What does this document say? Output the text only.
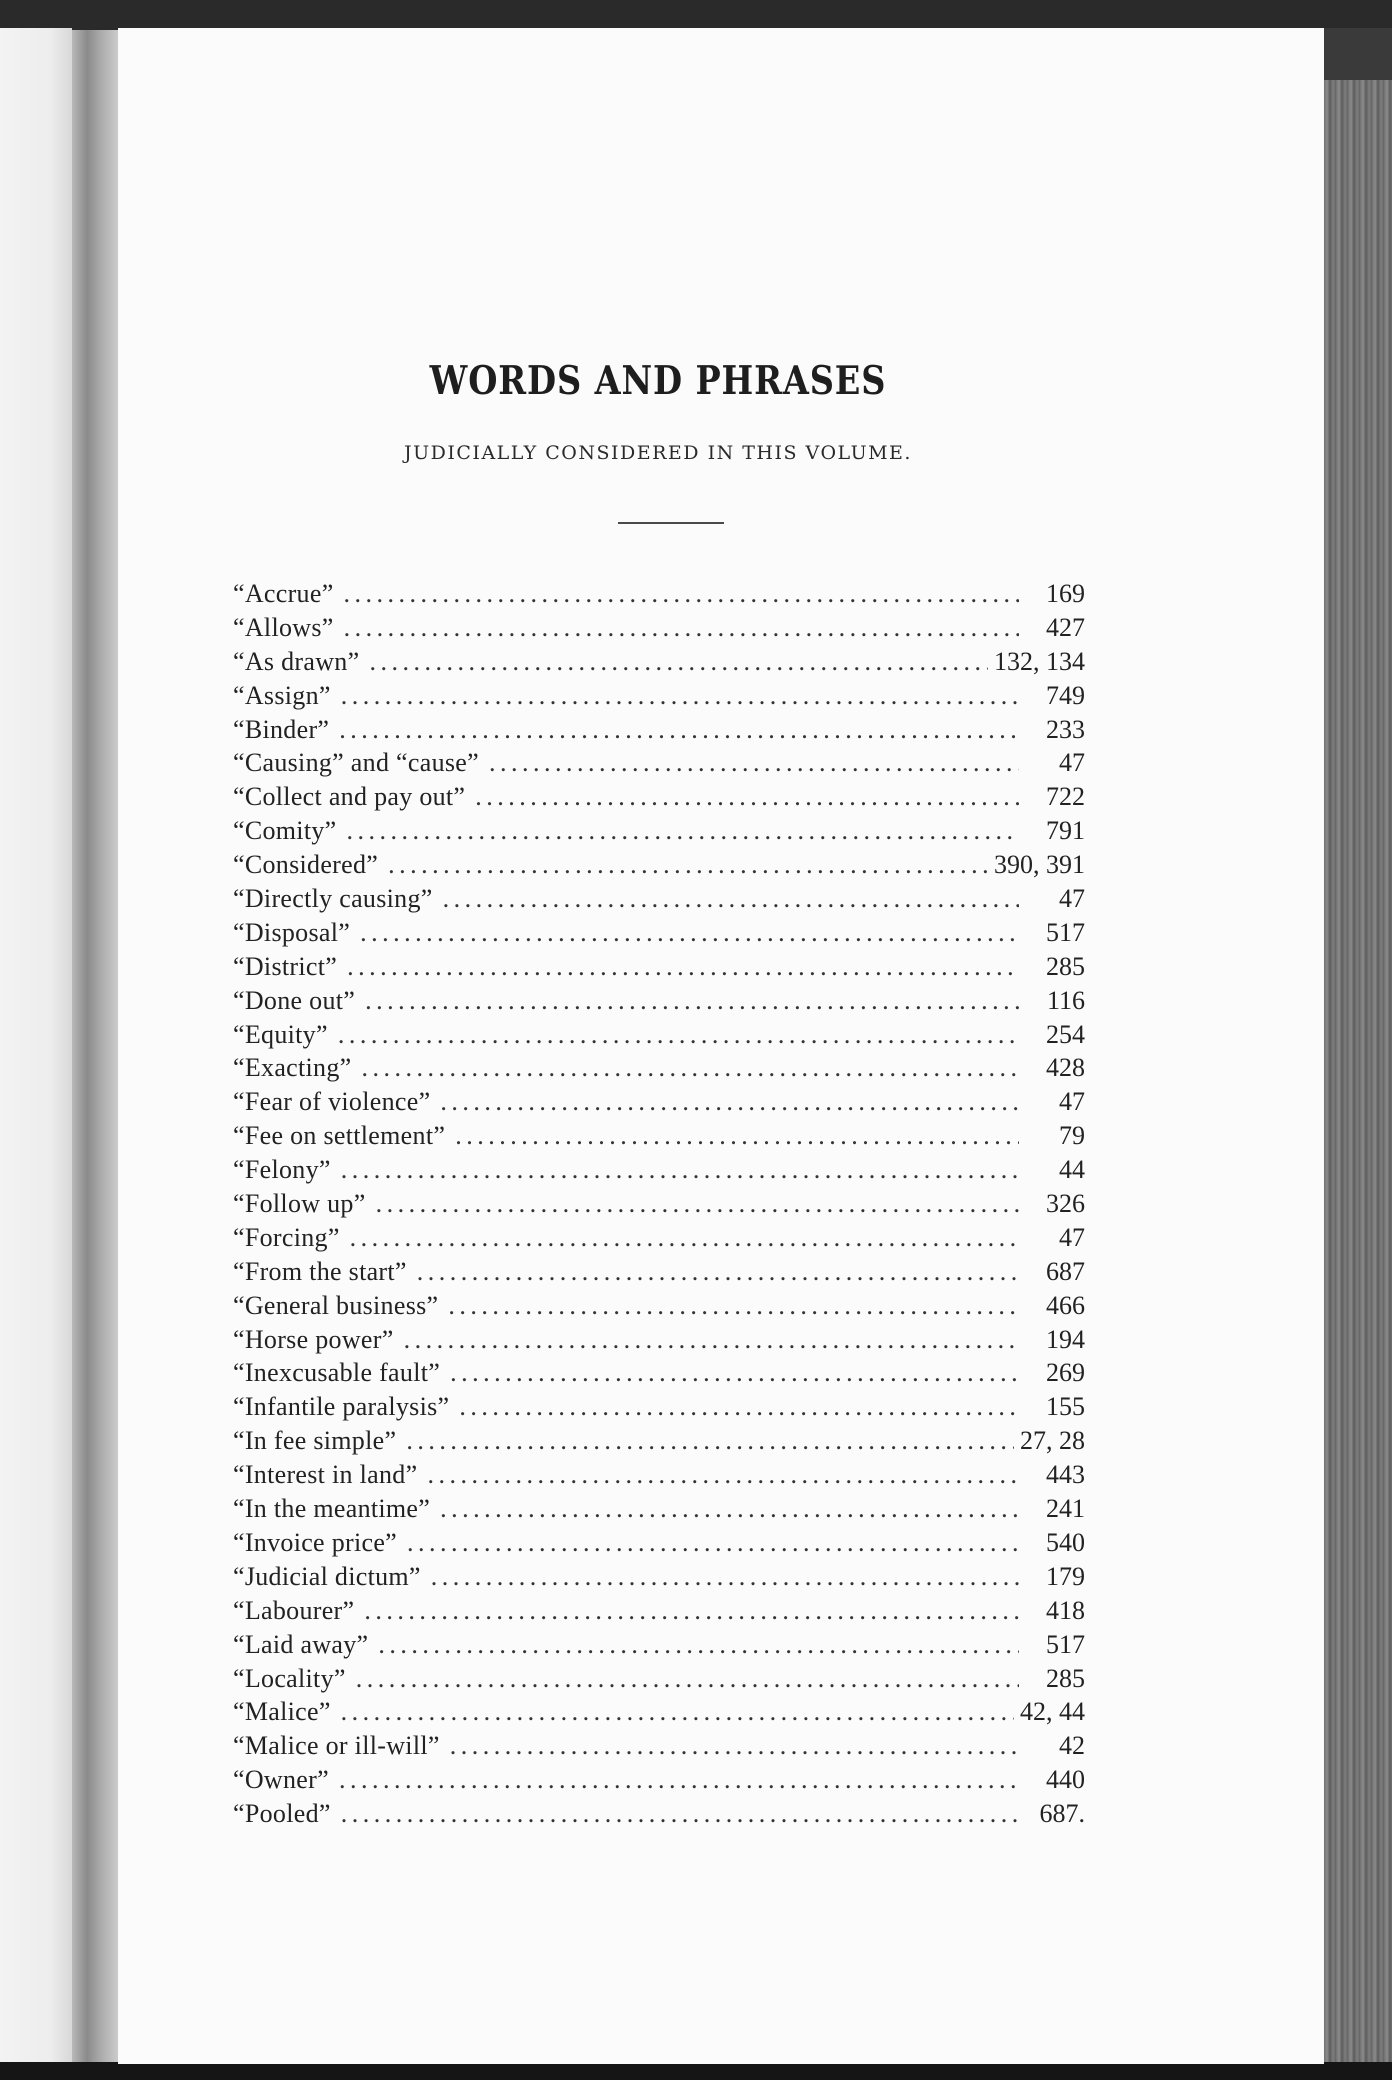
WORDS AND PHRASES
JUDICIALLY CONSIDERED IN THIS VOLUME.
“Accrue” . . .	169
“Allows” . . .	427
“As drawn” . . .	132, 134
“Assign” . . .	749
“Binder” . . .	233
“Causing” and “cause” . . .	47
“Collect and pay out” . . .	722
“Comity” . . .	791
“Considered” . . .	390, 391
“Directly causing” . . .	47
“Disposal” . . .	517
“District” . . .	285
“Done out” . . .	116
“Equity” . . .	254
“Exacting” . . .	428
“Fear of violence” . . .	47
“Fee on settlement” . . .	79
“Felony” . . .	44
“Follow up” . . .	326
“Forcing” . . .	47
“From the start” . . .	687
“General business” . . .	466
“Horse power” . . .	194
“Inexcusable fault” . . .	269
“Infantile paralysis” . . .	155
“In fee simple” . . .	27, 28
“Interest in land” . . .	443
“In the meantime” . . .	241
“Invoice price” . . .	540
“Judicial dictum” . . .	179
“Labourer” . . .	418
“Laid away” . . .	517
“Locality” . . .	285
“Malice” . . .	42, 44
“Malice or ill-will” . . .	42
“Owner” . . .	440
“Pooled” . . .	687.
